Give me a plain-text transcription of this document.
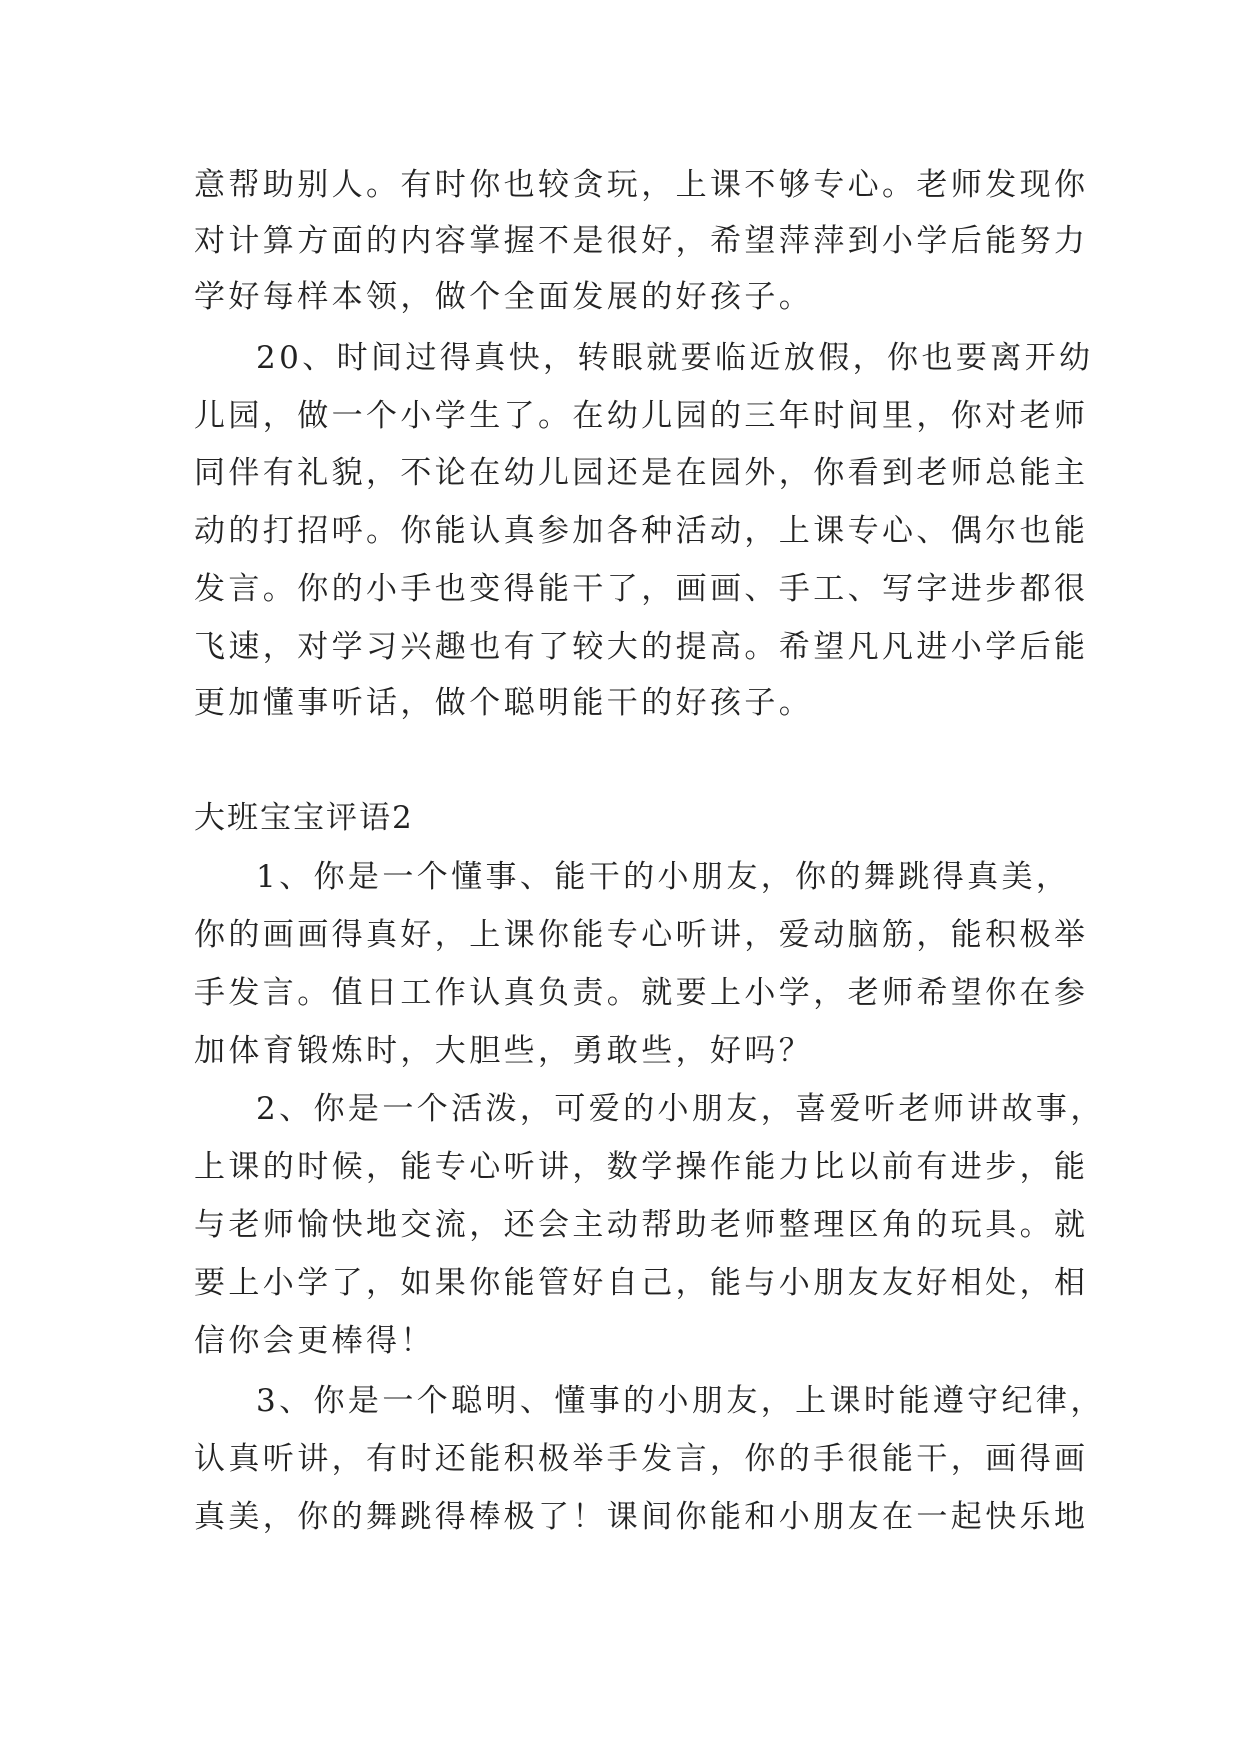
意帮助别人。有时你也较贪玩，上课不够专心。老师发现你

对计算方面的内容掌握不是很好，希望萍萍到小学后能努力

学好每样本领，做个全面发展的好孩子。

20、时间过得真快，转眼就要临近放假，你也要离开幼

儿园，做一个小学生了。在幼儿园的三年时间里，你对老师

同伴有礼貌，不论在幼儿园还是在园外，你看到老师总能主

动的打招呼。你能认真参加各种活动，上课专心、偶尔也能

发言。你的小手也变得能干了，画画、手工、写字进步都很

飞速，对学习兴趣也有了较大的提高。希望凡凡进小学后能

更加懂事听话，做个聪明能干的好孩子。

大班宝宝评语2

1、你是一个懂事、能干的小朋友，你的舞跳得真美，

你的画画得真好，上课你能专心听讲，爱动脑筋，能积极举

手发言。值日工作认真负责。就要上小学，老师希望你在参

加体育锻炼时，大胆些，勇敢些，好吗？

2、你是一个活泼，可爱的小朋友，喜爱听老师讲故事，

上课的时候，能专心听讲，数学操作能力比以前有进步，能

与老师愉快地交流，还会主动帮助老师整理区角的玩具。就

要上小学了，如果你能管好自己，能与小朋友友好相处，相

信你会更棒得！

3、你是一个聪明、懂事的小朋友，上课时能遵守纪律，

认真听讲，有时还能积极举手发言，你的手很能干，画得画

真美，你的舞跳得棒极了！课间你能和小朋友在一起快乐地
